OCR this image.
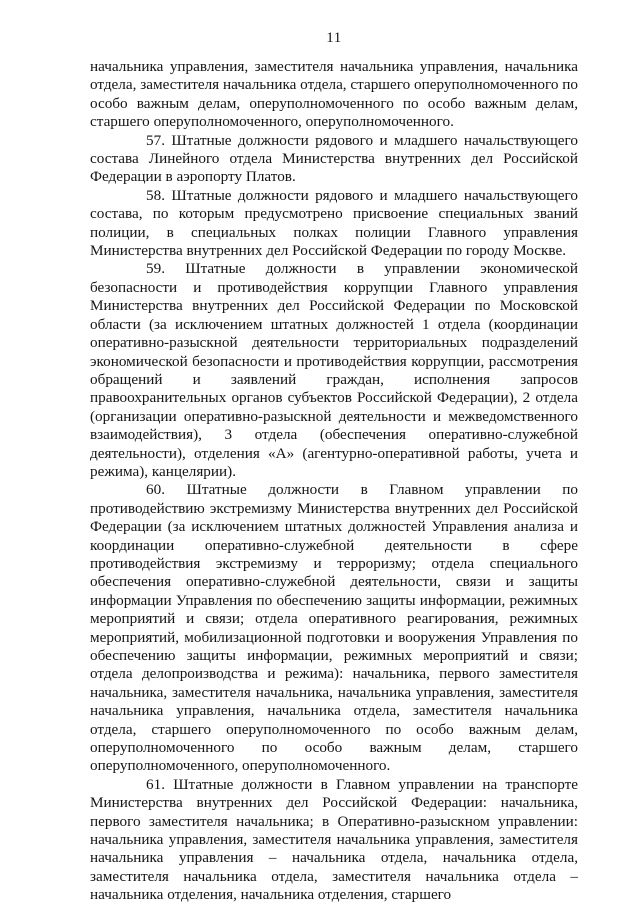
11

начальника управления, заместителя начальника управления, начальника отдела, заместителя начальника отдела, старшего оперуполномоченного по особо важным делам, оперуполномоченного по особо важным делам, старшего оперуполномоченного, оперуполномоченного.

57. Штатные должности рядового и младшего начальствующего состава Линейного отдела Министерства внутренних дел Российской Федерации в аэропорту Платов.

58. Штатные должности рядового и младшего начальствующего состава, по которым предусмотрено присвоение специальных званий полиции, в специальных полках полиции Главного управления Министерства внутренних дел Российской Федерации по городу Москве.

59. Штатные должности в управлении экономической безопасности и противодействия коррупции Главного управления Министерства внутренних дел Российской Федерации по Московской области (за исключением штатных должностей 1 отдела (координации оперативно-разыскной деятельности территориальных подразделений экономической безопасности и противодействия коррупции, рассмотрения обращений и заявлений граждан, исполнения запросов правоохранительных органов субъектов Российской Федерации), 2 отдела (организации оперативно-разыскной деятельности и межведомственного взаимодействия), 3 отдела (обеспечения оперативно-служебной деятельности), отделения «А» (агентурно-оперативной работы, учета и режима), канцелярии).

60. Штатные должности в Главном управлении по противодействию экстремизму Министерства внутренних дел Российской Федерации (за исключением штатных должностей Управления анализа и координации оперативно-служебной деятельности в сфере противодействия экстремизму и терроризму; отдела специального обеспечения оперативно-служебной деятельности, связи и защиты информации Управления по обеспечению защиты информации, режимных мероприятий и связи; отдела оперативного реагирования, режимных мероприятий, мобилизационной подготовки и вооружения Управления по обеспечению защиты информации, режимных мероприятий и связи; отдела делопроизводства и режима): начальника, первого заместителя начальника, заместителя начальника, начальника управления, заместителя начальника управления, начальника отдела, заместителя начальника отдела, старшего оперуполномоченного по особо важным делам, оперуполномоченного по особо важным делам, старшего оперуполномоченного, оперуполномоченного.

61. Штатные должности в Главном управлении на транспорте Министерства внутренних дел Российской Федерации: начальника, первого заместителя начальника; в Оперативно-разыскном управлении: начальника управления, заместителя начальника управления, заместителя начальника управления – начальника отдела, начальника отдела, заместителя начальника отдела, заместителя начальника отдела – начальника отделения, начальника отделения, старшего
